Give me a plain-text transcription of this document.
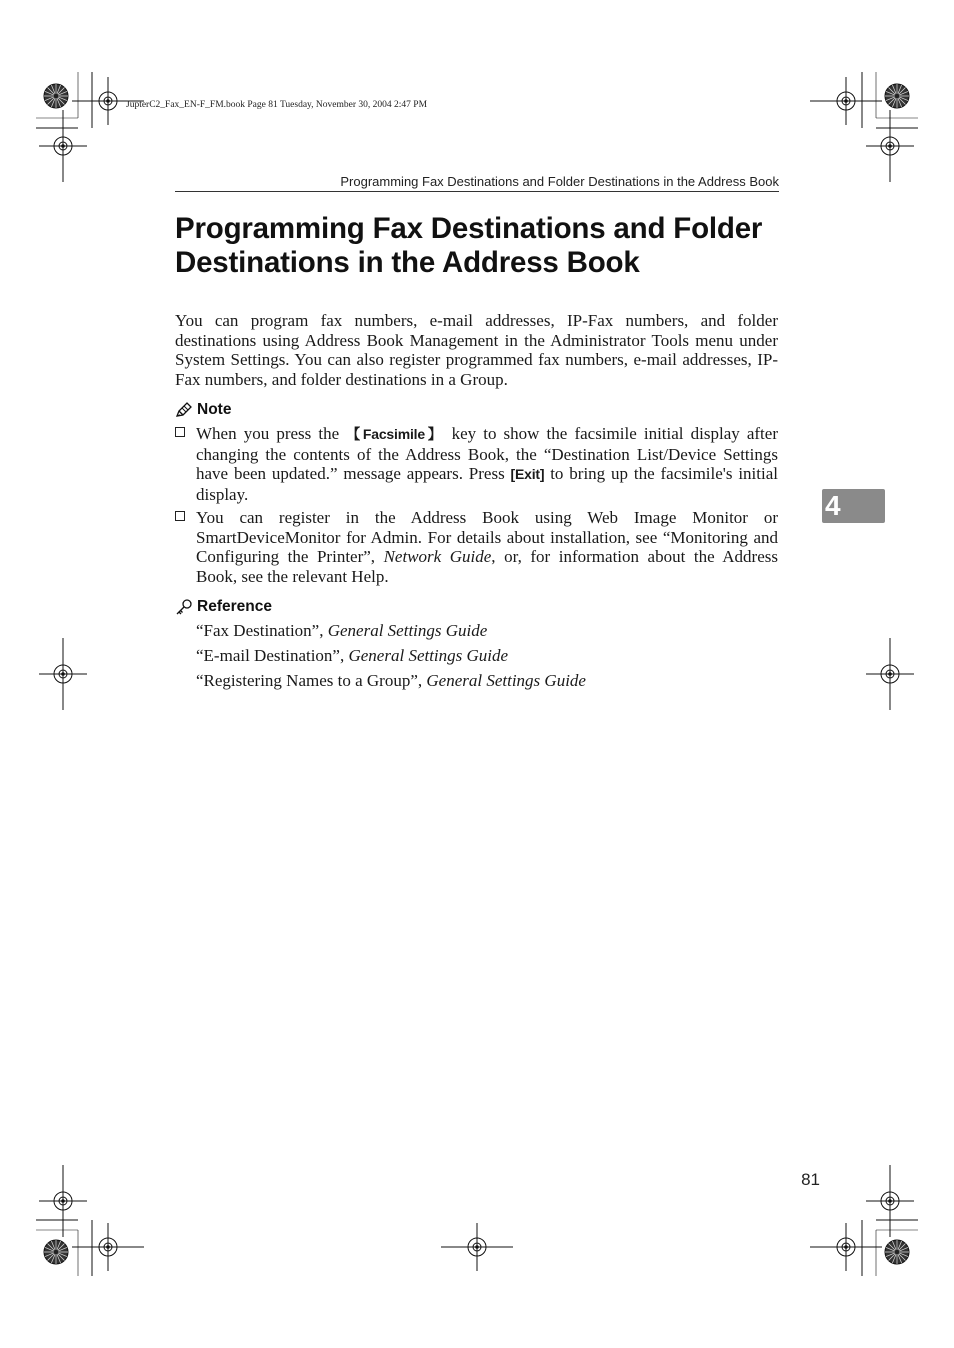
JupterC2_Fax_EN-F_FM.book Page 81 Tuesday, November 30, 2004 2:47 PM
Programming Fax Destinations and Folder Destinations in the Address Book
Programming Fax Destinations and Folder
Destinations in the Address Book

You can program fax numbers, e-mail addresses, IP-Fax numbers, and folder destinations using Address Book Management in the Administrator Tools menu under System Settings. You can also register programmed fax numbers, e-mail addresses, IP-Fax numbers, and folder destinations in a Group.

Note

When you press the 【Facsimile】 key to show the facsimile initial display after changing the contents of the Address Book, the “Destination List/Device Settings have been updated.” message appears. Press [Exit] to bring up the facsimile's initial display.

You can register in the Address Book using Web Image Monitor or SmartDeviceMonitor for Admin. For details about installation, see “Monitoring and Configuring the Printer”, Network Guide, or, for information about the Address Book, see the relevant Help.

Reference
“Fax Destination”, General Settings Guide
“E-mail Destination”, General Settings Guide
“Registering Names to a Group”, General Settings Guide
4
81
